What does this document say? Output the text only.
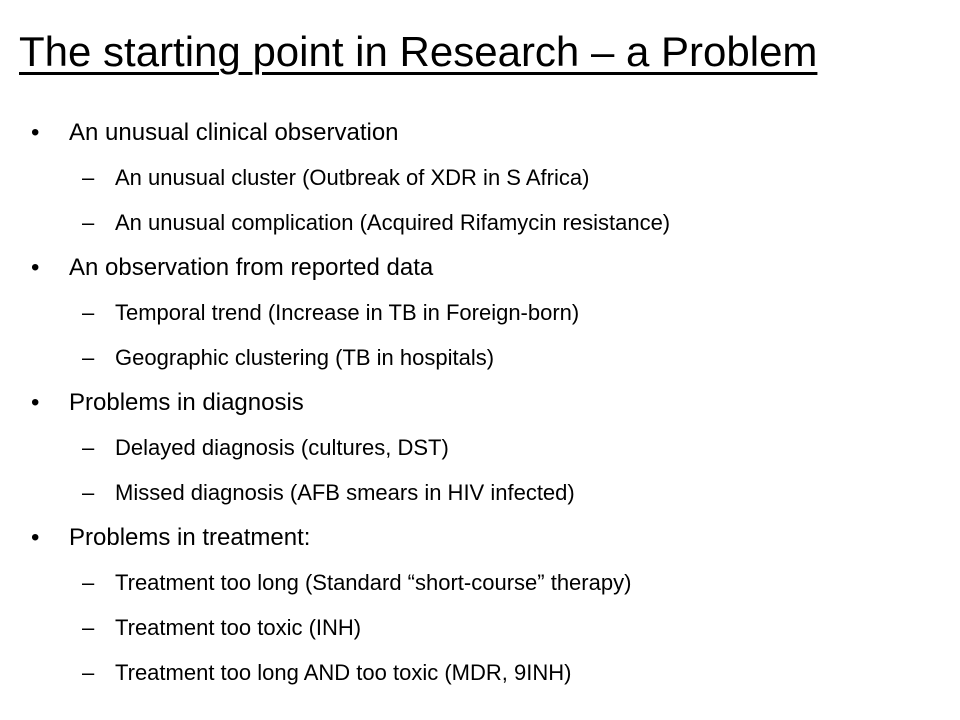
The starting point in Research – a Problem
• An unusual clinical observation
– An unusual cluster (Outbreak of XDR in S Africa)
– An unusual complication (Acquired Rifamycin resistance)
• An observation from reported data
– Temporal trend (Increase in TB in Foreign-born)
– Geographic clustering (TB in hospitals)
• Problems in diagnosis
– Delayed diagnosis (cultures, DST)
– Missed diagnosis (AFB smears in HIV infected)
• Problems in treatment:
– Treatment too long (Standard “short-course” therapy)
– Treatment too toxic (INH)
– Treatment too long AND too toxic (MDR, 9INH)
